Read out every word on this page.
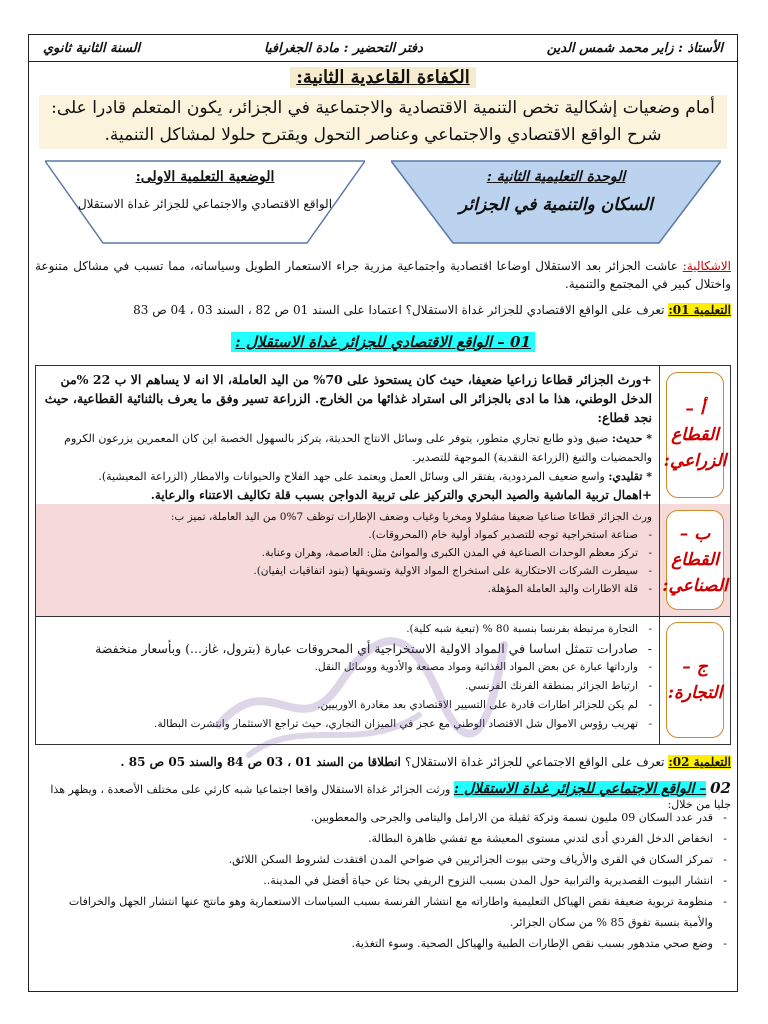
الأستاذ : زاير محمد شمس الدين
دفتر التحضير : مادة الجغرافيا
السنة الثانية ثانوي
الكفاءة القاعدية الثانية:
أمام وضعيات إشكالية تخص التنمية الاقتصادية والاجتماعية في الجزائر، يكون المتعلم قادرا على: شرح الواقع الاقتصادي والاجتماعي وعناصر التحول ويقترح حلولا لمشاكل التنمية.
الوحدة التعليمية الثانية :
السكان والتنمية في الجزائر
الوضعية التعلمية الاولى:
الواقع الاقتصادي والاجتماعي للجزائر غداة الاستقلال
الاشكالية: عاشت الجزائر بعد الاستقلال اوضاعا اقتصادية واجتماعية مزرية جراء الاستعمار الطويل وسياساته، مما تسبب في مشاكل متنوعة واختلال كبير في المجتمع والتنمية.
التعلمية 01: تعرف على الواقع الاقتصادي للجزائر غداة الاستقلال؟ اعتمادا على السند 01 ص 82 ، السند 03 ، 04 ص 83
01 – الواقع الاقتصادي للجزائر غداة الاستقلال :
أ –
القطاع
الزراعي:
+ورث الجزائر قطاعا زراعيا ضعيفا، حيث كان يستحوذ على 70% من اليد العاملة، الا انه لا يساهم الا ب 22 %من الدخل الوطني، هذا ما ادى بالجزائر الى استراد غذائها من الخارج. الزراعة تسير وفق ما يعرف بالثنائية القطاعية، حيث نجد قطاع:
* حديث: ضيق وذو طابع تجاري متطور، يتوفر على وسائل الانتاج الحديثة، يتركز بالسهول الخصبة اين كان المعمرين يزرعون الكروم والحمضيات والتبغ (الزراعة النقدية) الموجهة للتصدير.
* تقليدي: واسع ضعيف المردودية، يفتقر الى وسائل العمل ويعتمد على جهد الفلاح والحيوانات والامطار (الزراعة المعيشية).
+اهمال تربية الماشية والصيد البحري والتركيز على تربية الدواجن بسبب قلة تكاليف الاعتناء والرعاية.
ب –
القطاع
الصناعي:
ورث الجزائر قطاعا صناعيا ضعيفا مشلولا ومخربا وغياب وضعف الإطارات توظف 7%0 من اليد العاملة، تميز ب:
- صناعة استخراجية توجه للتصدير كمواد أولية خام (المحروقات).
- تركز معظم الوحدات الصناعية في المدن الكبرى والموانئ مثل: العاصمة، وهران وعنابة.
- سيطرت الشركات الاحتكارية على استخراج المواد الاولية وتسويقها (بنود اتفاقيات ايفيان).
- قلة الاطارات واليد العاملة المؤهلة.
ج –
التجارة:
- التجارة مرتبطة بفرنسا بنسبة 80 % (تبعية شبه كلية).
- صادرات تتمثل اساسا في المواد الاولية الاستخراجية أي المحروقات عبارة (بترول، غاز...) وبأسعار منخفضة
- وارداتها عبارة عن بعض المواد الغذائية ومواد مصنعة والأدوية ووسائل النقل.
- ارتباط الجزائر بمنطقة الفرنك الفرنسي.
- لم يكن للجزائر اطارات قادرة على التسيير الاقتصادي بعد مغادرة الاوربيين.
- تهريب رؤوس الاموال شل الاقتصاد الوطني مع عجز في الميزان التجاري، حيث تراجع الاستثمار وانتشرت البطالة.
التعلمية 02: تعرف على الواقع الاجتماعي للجزائر غداة الاستقلال؟ انطلاقا من السند 01 ، 03 ص 84 والسند 05 ص 85 .
02 – الواقع الاجتماعي للجزائر غداة الاستقلال : ورثت الجزائر غداة الاستقلال واقعا اجتماعيا شبه كارثي على مختلف الأصعدة ، ويظهر هذا جليا من خلال:
- قدر عدد السكان 09 مليون نسمة وتركة ثقيلة من الارامل واليتامى والجرحى والمعطوبين.
- انخفاض الدخل الفردي أدى لتدني مستوى المعيشة مع تفشي ظاهرة البطالة.
- تمركز السكان في القرى والأرياف وحتى بيوت الجزائريين في ضواحي المدن افتقدت لشروط السكن اللائق.
- انتشار البيوت القصديرية والترابية حول المدن بسبب النزوح الريفي بحثا عن حياة أفضل في المدينة..
- منظومة تربوية ضعيفة نقص الهياكل التعليمية واطاراته مع انتشار الفرنسة بسبب السياسات الاستعمارية وهو مانتج عنها انتشار الجهل والخرافات والأمية بنسبة تفوق 85 % من سكان الجزائر.
- وضع صحي متدهور بسبب نقص الإطارات الطبية والهياكل الصحية. وسوء التغذية.
